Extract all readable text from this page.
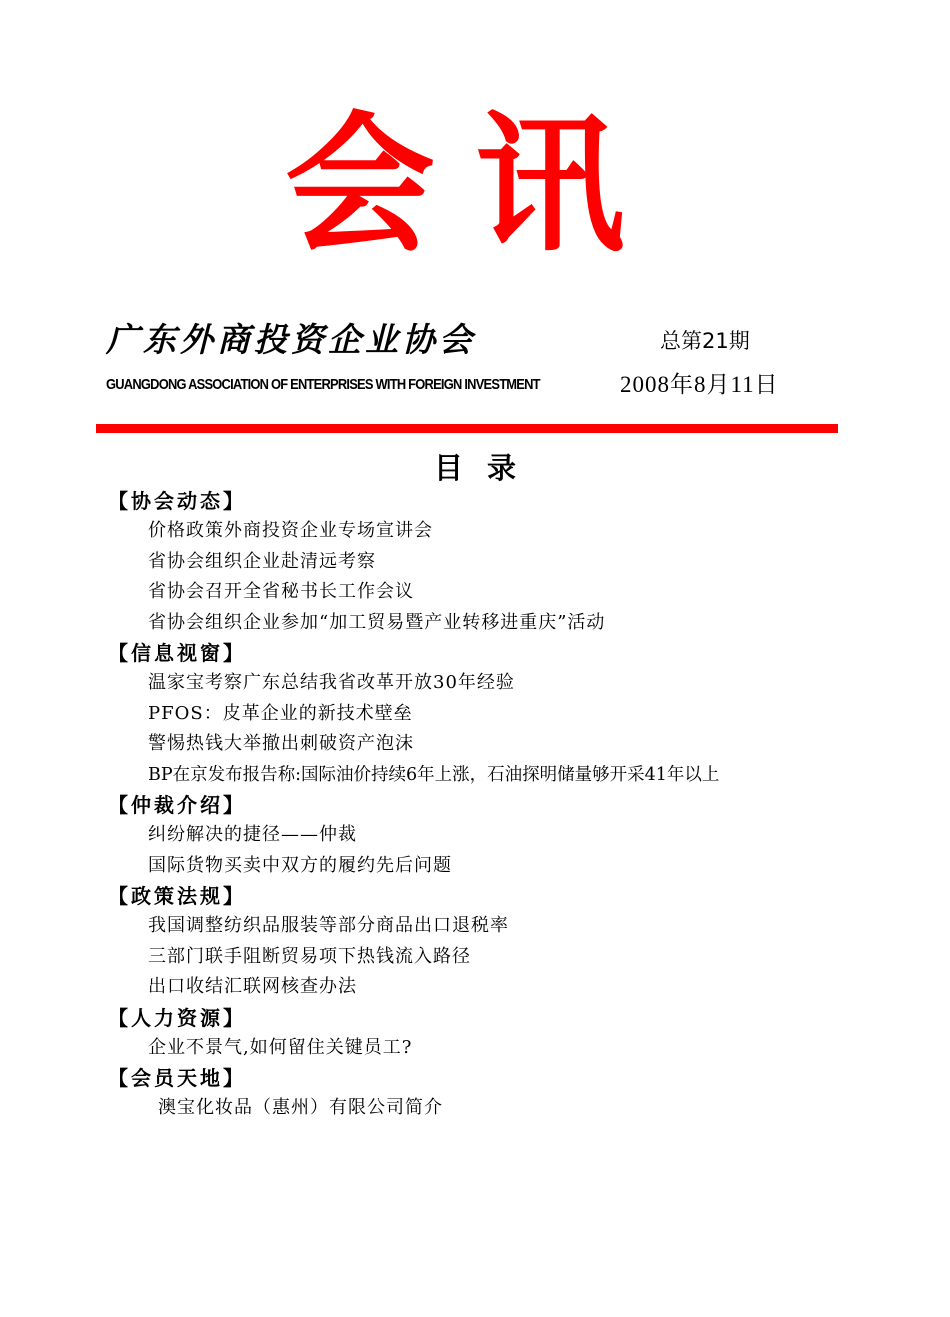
会讯
广东外商投资企业协会
GUANGDONG ASSOCIATION OF ENTERPRISES WITH FOREIGN INVESTMENT
总第21期
2008年8月11日
目录
【协会动态】
价格政策外商投资企业专场宣讲会
省协会组织企业赴清远考察
省协会召开全省秘书长工作会议
省协会组织企业参加“加工贸易暨产业转移进重庆”活动
【信息视窗】
温家宝考察广东总结我省改革开放30年经验
PFOS：皮革企业的新技术壁垒
警惕热钱大举撤出刺破资产泡沫
BP在京发布报告称:国际油价持续6年上涨，石油探明储量够开采41年以上
【仲裁介绍】
纠纷解决的捷径——仲裁
国际货物买卖中双方的履约先后问题
【政策法规】
我国调整纺织品服装等部分商品出口退税率
三部门联手阻断贸易项下热钱流入路径
出口收结汇联网核查办法
【人力资源】
企业不景气,如何留住关键员工?
【会员天地】
澳宝化妆品（惠州）有限公司简介
